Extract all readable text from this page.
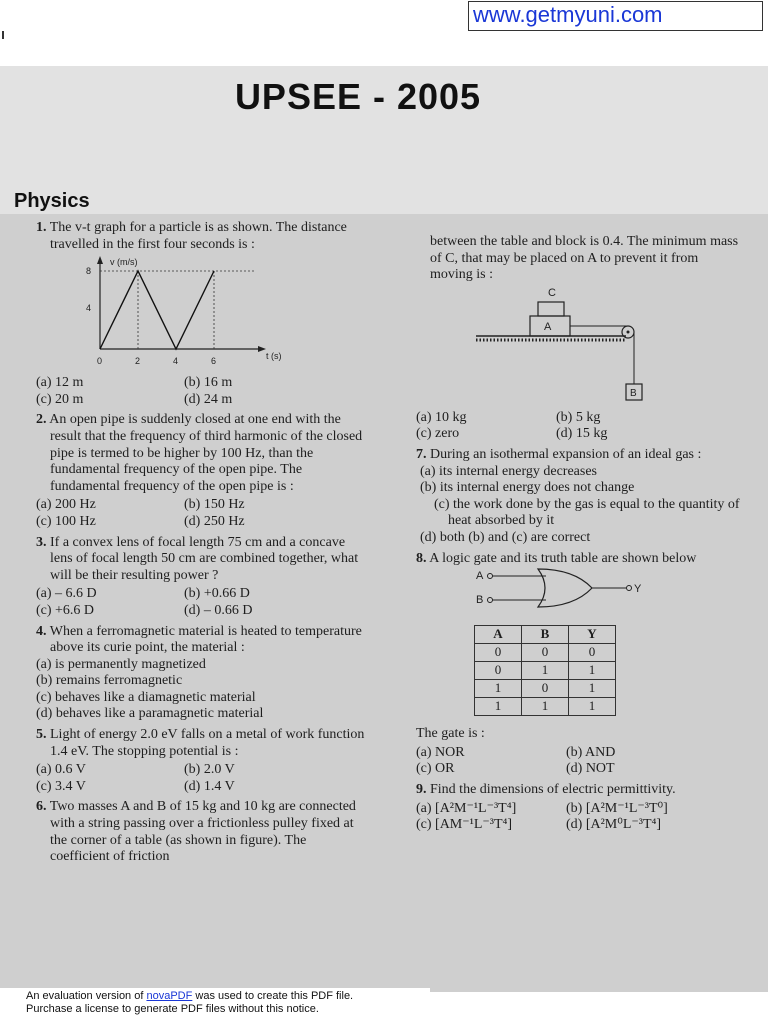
www.getmyuni.com
UPSEE - 2005
Physics
1. The v-t graph for a particle is as shown. The distance travelled in the first four seconds is :
v (m/s)
t (s)
8
4
0	2	4	6
(a) 12 m	(b) 16 m
(c) 20 m	(d) 24 m
2. An open pipe is suddenly closed at one end with the result that the frequency of third harmonic of the closed pipe is termed to be higher by 100 Hz, than the fundamental frequency of the open pipe. The fundamental frequency of the open pipe is :
(a) 200 Hz	(b) 150 Hz
(c) 100 Hz	(d) 250 Hz
3. If a convex lens of focal length 75 cm and a concave lens of focal length 50 cm are combined together, what will be their resulting power ?
(a) – 6.6 D	(b) +0.66 D
(c) +6.6 D	(d) – 0.66 D
4. When a ferromagnetic material is heated to temperature above its curie point, the material :
(a) is permanently magnetized
(b) remains ferromagnetic
(c) behaves like a diamagnetic material
(d) behaves like a paramagnetic material
5. Light of energy 2.0 eV falls on a metal of work function 1.4 eV. The stopping potential is :
(a) 0.6 V	(b) 2.0 V
(c) 3.4 V	(d) 1.4 V
6. Two masses A and B of 15 kg and 10 kg are connected with a string passing over a frictionless pulley fixed at the corner of a table (as shown in figure). The coefficient of friction
between the table and block is 0.4. The minimum mass of C, that may be placed on A to prevent it from moving is :
C
A
B
(a) 10 kg	(b) 5 kg
(c) zero	(d) 15 kg
7. During an isothermal expansion of an ideal gas :
(a) its internal energy decreases
(b) its internal energy does not change
(c) the work done by the gas is equal to the quantity of heat absorbed by it
(d) both (b) and (c) are correct
8. A logic gate and its truth table are shown below
A
B
Y
A	B	Y
0	0	0
0	1	1
1	0	1
1	1	1
The gate is :
(a) NOR	(b) AND
(c) OR	(d) NOT
9. Find the dimensions of electric permittivity.
(a) [A²M⁻¹L⁻³T⁴]	(b) [A²M⁻¹L⁻³T⁰]
(c) [AM⁻¹L⁻³T⁴]	(d) [A²M⁰L⁻³T⁴]
An evaluation version of novaPDF was used to create this PDF file.
Purchase a license to generate PDF files without this notice.
